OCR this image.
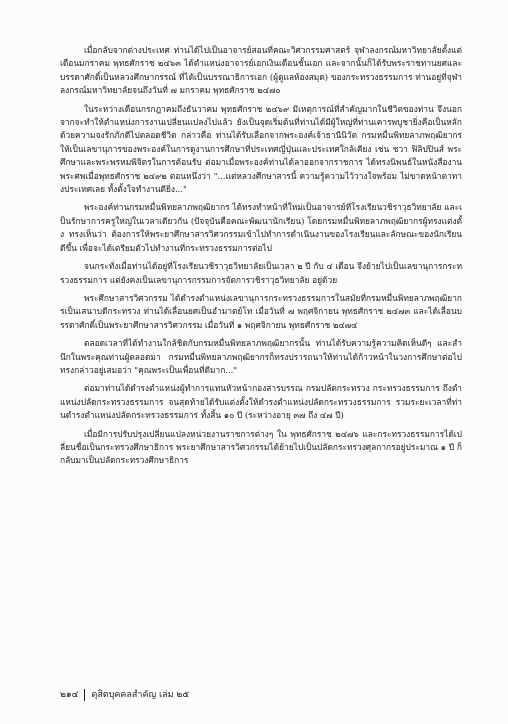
เมื่อกลับจากต่างประเทศ ท่านได้ไปเป็นอาจารย์สอนที่คณะวิศวกรรมศาสตร์ จุฬาลงกรณ์มหาวิทยาลัยตั้งแต่เดือนมกราคม พุทธศักราช ๒๔๖๓ ได้ตำแหน่งอาจารย์เอกเงินเดือนชั้นเอก และจากนั้นก็ได้รับพระราชทานยศและบรรดาศักดิ์เป็นหลวงศึกษากรรณ์ ที่ได้เป็นบรรณาธิการเอก (ผู้ดูแลห้องสมุด) ของกระทรวงธรรมการ ท่านอยู่ที่จุฬาลงกรณ์มหาวิทยาลัยจนถึงวันที่ ๗ มกราคม พุทธศักราช ๒๔๗๐

ในระหว่างเดือนกรกฎาคมถึงธันวาคม พุทธศักราช ๒๔๖๙ มีเหตุการณ์ที่สำคัญมากในชีวิตของท่าน จึงนอกจากจะทำให้ตำแหน่งการงานเปลี่ยนแปลงไปแล้ว ยังเป็นจุดเริ่มต้นที่ท่านได้มีผู้ใหญ่ที่ท่านเคารพบูชายิ่งคือเป็นหลักด้วยความจงรักภักดีไปตลอดชีวิต กล่าวคือ ท่านได้รับเลือกจากพระองค์เจ้าธานีนิวัต กรมหมื่นพิทยลาภพฤฒิยากร ให้เป็นเลขานุการของพระองค์ในการดูงานการศึกษาที่ประเทศญี่ปุ่นและประเทศใกล้เคียง เช่น ชวา ฟิลิปปินส์ พระศึกษาและพระพรหมพิจิตรในการต้อนรับ ต่อมาเมื่อพระองค์ท่านได้ลาออกจากราชการ ได้ทรงนิพนธ์ในหนังสืองานพระศพเมื่อพุทธศักราช ๒๔๙๒ ตอนหนึ่งว่า "...แต่หลวงศึกษาสารนี้ ความรู้ความไว้วางใจพร้อม ไม่ขาดหน้าตาทางประเทศเลย ทั้งตั้งใจทำงานดียิ่ง..."

พระองค์ท่านกรมหมื่นพิทยลาภพฤฒิยากร ได้ทรงทำหน้าที่ใหม่เป็นอาจารย์ที่โรงเรียนวชิราวุธวิทยาลัย และเป็นรักษาการครูใหญ่ในเวลาเดียวกัน (ปัจจุบันคือคณะพัฒนานักเรียน) โดยกรมหมื่นพิทยลาภพฤฒิยากรผู้ทรงแต่งตั้ง ทรงเห็นว่า ต้องการให้พระยาศึกษาสารวิศวกรรมเข้าไปทำการดำเนินงานของโรงเรียนและลักษณะของนักเรียนดีขึ้น เพื่อจะได้เตรียมตัวไปทำงานที่กระทรวงธรรมการต่อไป

จนกระทั่งเมื่อท่านได้อยู่ที่โรงเรียนวชิราวุธวิทยาลัยเป็นเวลา ๒ ปี กับ ๔ เดือน จึงย้ายไปเป็นเลขานุการกระทรวงธรรมการ แต่ยังคงเป็นเลขานุการกรรมการจัดการวชิราวุธวิทยาลัย อยู่ด้วย

พระศึกษาสารวิศวกรรม ได้ดำรงตำแหน่งเลขานุการกระทรวงธรรมการในสมัยที่กรมหมื่นพิทยลาภพฤฒิยากรเป็นเสนาบดีกระทรวง ท่านได้เลื่อนยศเป็นอำมาตย์โท เมื่อวันที่ ๗ พฤศจิกายน พุทธศักราช ๒๔๗๓ และได้เลื่อนบรรดาศักดิ์เป็นพระยาศึกษาสารวิศวกรรม เมื่อวันที่ ๑ พฤศจิกายน พุทธศักราช ๒๔๗๔

ตลอดเวลาที่ได้ทำงานใกล้ชิดกับกรมหมื่นพิทยลาภพฤฒิยากรนั้น ท่านได้รับความรู้ความคิดเห็นดีๆ และสำนึกในพระคุณท่านผู้ตลอดมา กรมหมื่นพิทยลาภพฤฒิยากรก็ทรงปรารถนาให้ท่านได้ก้าวหน้าในวงการศึกษาต่อไป ทรงกล่าวอยู่เสมอว่า "คุณพระเป็นเพื่อนที่ดีมาก..."

ต่อมาท่านได้ดำรงตำแหน่งผู้ทำการแทนหัวหน้ากองสารบรรณ กรมปลัดกระทรวง กระทรวงธรรมการ ถึงตำแหน่งปลัดกระทรวงธรรมการ จนสุดท้ายได้รับแต่งตั้งให้ดำรงตำแหน่งปลัดกระทรวงธรรมการ รวมระยะเวลาที่ท่านดำรงตำแหน่งปลัดกระทรวงธรรมการ ทั้งสิ้น ๑๐ ปี (ระหว่างอายุ ๓๗ ถึง ๔๗ ปี)

เมื่อมีการปรับปรุงเปลี่ยนแปลงหน่วยงานราชการต่างๆ ใน พุทธศักราช ๒๔๗๖ และกระทรวงธรรมการได้เปลี่ยนชื่อเป็นกระทรวงศึกษาธิการ พระยาศึกษาสารวิศวกรรมได้ย้ายไปเป็นปลัดกระทรวงศุลกากรอยู่ประมาณ ๑ ปี ก็กลับมาเป็นปลัดกระทรวงศึกษาธิการ

๒๑๔ ดุสิตบุคคลสำคัญ เล่ม ๒๕
